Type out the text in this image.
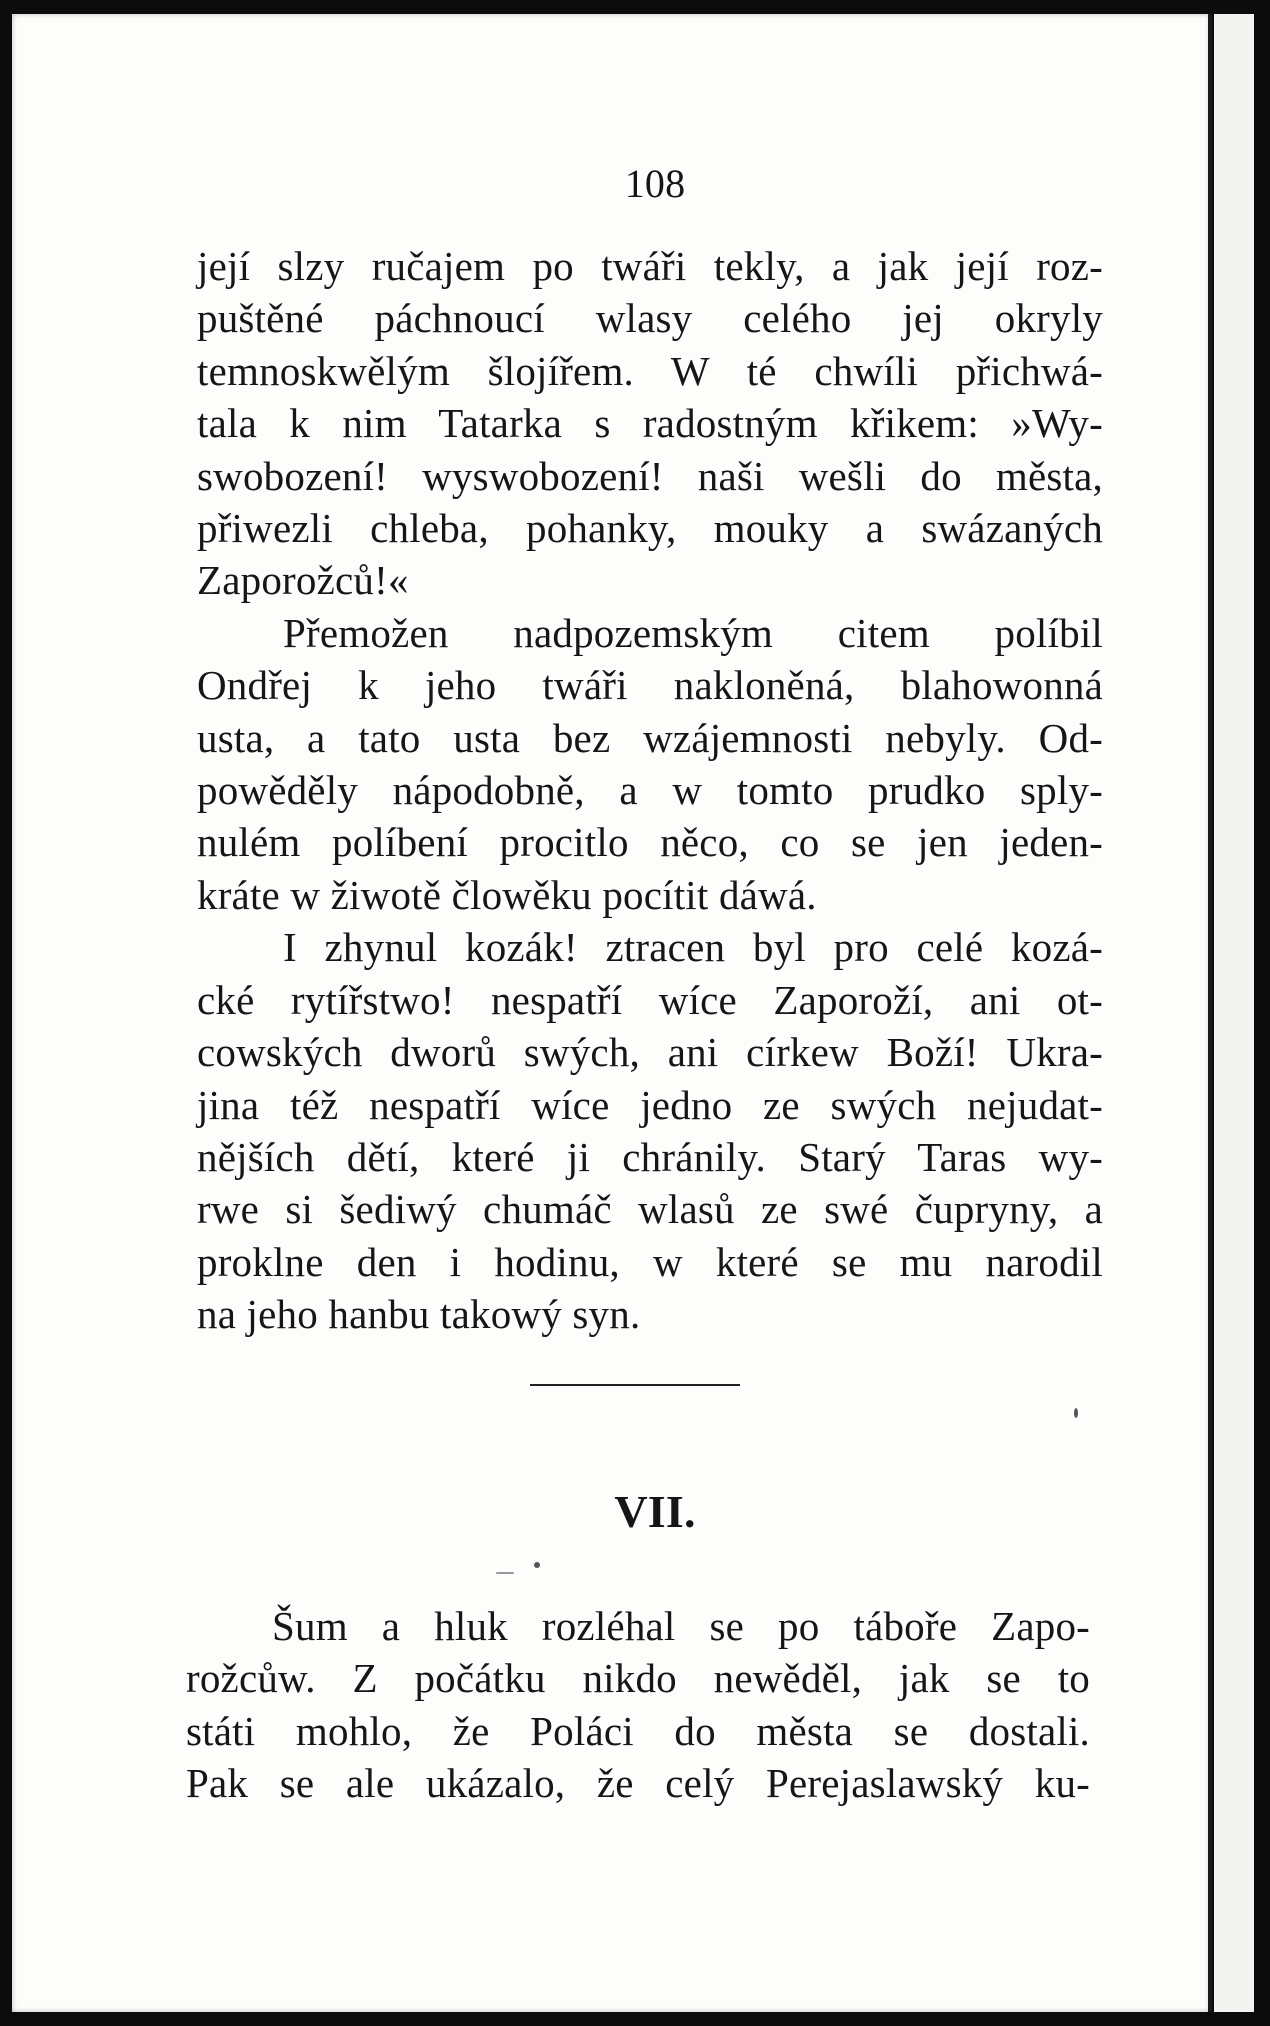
108

její slzy ručajem po twáři tekly, a jak její roz-
puštěné páchnoucí wlasy celého jej okryly
temnoskwělým šlojířem. W té chwíli přichwá-
tala k nim Tatarka s radostným křikem: »Wy-
swobození! wyswobození! naši wešli do města,
přiwezli chleba, pohanky, mouky a swázaných
Zaporožců!«

Přemožen nadpozemským citem políbil
Ondřej k jeho twáři nakloněná, blahowonná
usta, a tato usta bez wzájemnosti nebyly. Od-
powěděly nápodobně, a w tomto prudko sply-
nulém políbení procitlo něco, co se jen jeden-
kráte w žiwotě člowěku pocítit dáwá.

I zhynul kozák! ztracen byl pro celé kozá-
cké rytířstwo! nespatří wíce Zaporoží, ani ot-
cowských dworů swých, ani církew Boží! Ukra-
jina též nespatří wíce jedno ze swých nejudat-
nějších dětí, které ji chránily. Starý Taras wy-
rwe si šediwý chumáč wlasů ze swé čupryny, a
proklne den i hodinu, w které se mu narodil
na jeho hanbu takowý syn.

VII.

Šum a hluk rozléhal se po táboře Zapo-
rožcůw. Z počátku nikdo newěděl, jak se to
státi mohlo, že Poláci do města se dostali.
Pak se ale ukázalo, že celý Perejaslawský ku-
